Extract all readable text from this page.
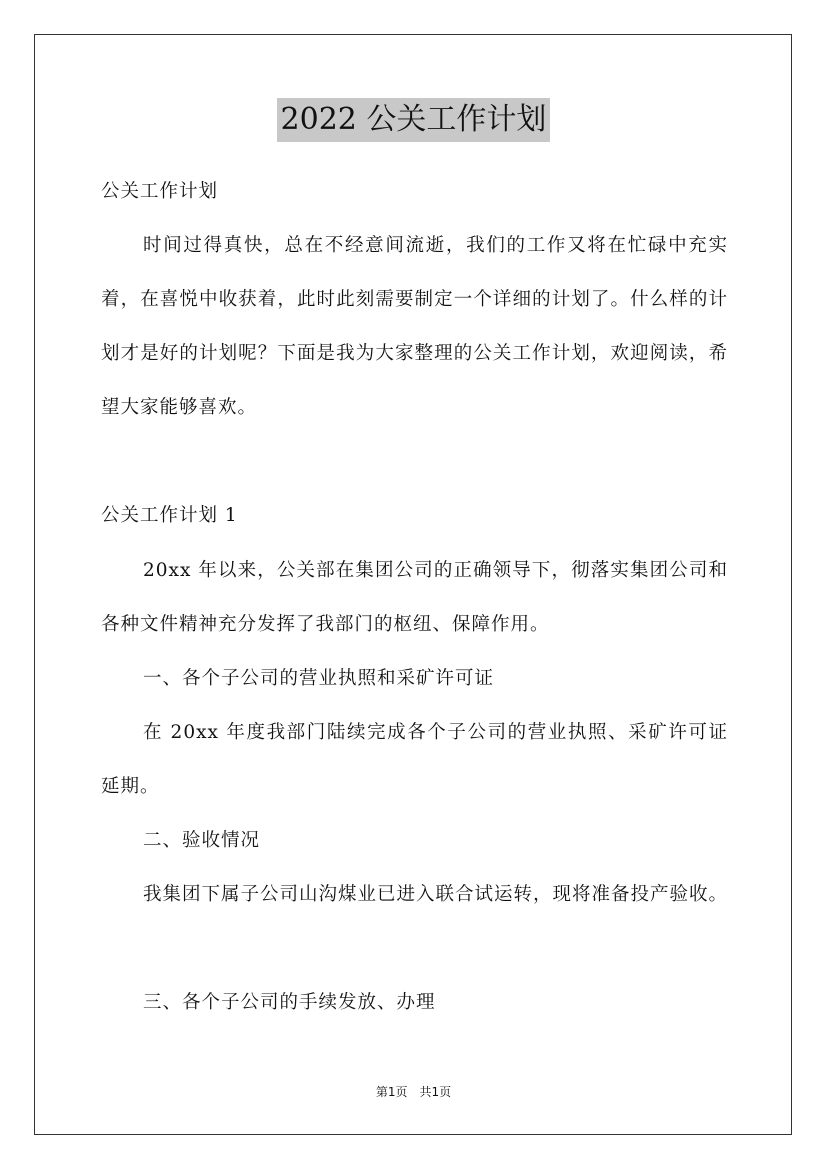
2022 公关工作计划

公关工作计划

时间过得真快，总在不经意间流逝，我们的工作又将在忙碌中充实着，在喜悦中收获着，此时此刻需要制定一个详细的计划了。什么样的计划才是好的计划呢？下面是我为大家整理的公关工作计划，欢迎阅读，希望大家能够喜欢。

公关工作计划 1

20xx 年以来，公关部在集团公司的正确领导下，彻落实集团公司和各种文件精神充分发挥了我部门的枢纽、保障作用。

一、各个子公司的营业执照和采矿许可证

在 20xx 年度我部门陆续完成各个子公司的营业执照、采矿许可证延期。

二、验收情况

我集团下属子公司山沟煤业已进入联合试运转，现将准备投产验收。

三、各个子公司的手续发放、办理

第1页　共1页
